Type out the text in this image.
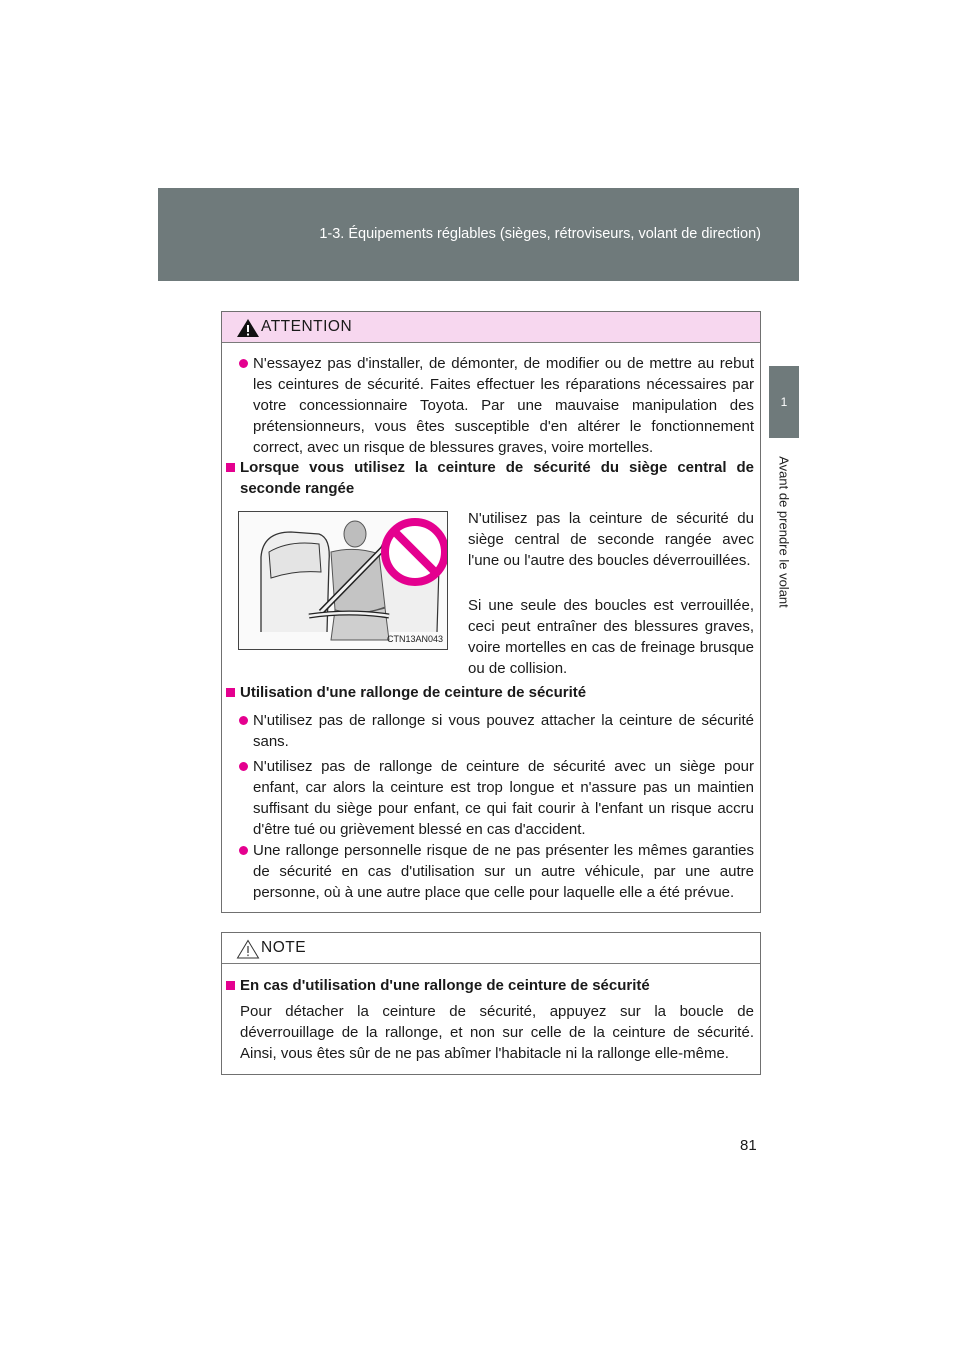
1-3. Équipements réglables (sièges, rétroviseurs, volant de direction)
1
Avant de prendre le volant
ATTENTION
N'essayez pas d'installer, de démonter, de modifier ou de mettre au rebut les ceintures de sécurité. Faites effectuer les réparations nécessaires par votre concessionnaire Toyota. Par une mauvaise manipulation des prétensionneurs, vous êtes susceptible d'en altérer le fonctionnement correct, avec un risque de blessures graves, voire mortelles.
Lorsque vous utilisez la ceinture de sécurité du siège central de seconde rangée
CTN13AN043
N'utilisez pas la ceinture de sécurité du siège central de seconde rangée avec l'une ou l'autre des boucles déverrouillées.
Si une seule des boucles est verrouillée, ceci peut entraîner des blessures graves, voire mortelles en cas de freinage brusque ou de collision.
Utilisation d'une rallonge de ceinture de sécurité
N'utilisez pas de rallonge si vous pouvez attacher la ceinture de sécurité sans.
N'utilisez pas de rallonge de ceinture de sécurité avec un siège pour enfant, car alors la ceinture est trop longue et n'assure pas un maintien suffisant du siège pour enfant, ce qui fait courir à l'enfant un risque accru d'être tué ou grièvement blessé en cas d'accident.
Une rallonge personnelle risque de ne pas présenter les mêmes garanties de sécurité en cas d'utilisation sur un autre véhicule, par une autre personne, où à une autre place que celle pour laquelle elle a été prévue.
NOTE
En cas d'utilisation d'une rallonge de ceinture de sécurité
Pour détacher la ceinture de sécurité, appuyez sur la boucle de déverrouillage de la rallonge, et non sur celle de la ceinture de sécurité. Ainsi, vous êtes sûr de ne pas abîmer l'habitacle ni la rallonge elle-même.
81
